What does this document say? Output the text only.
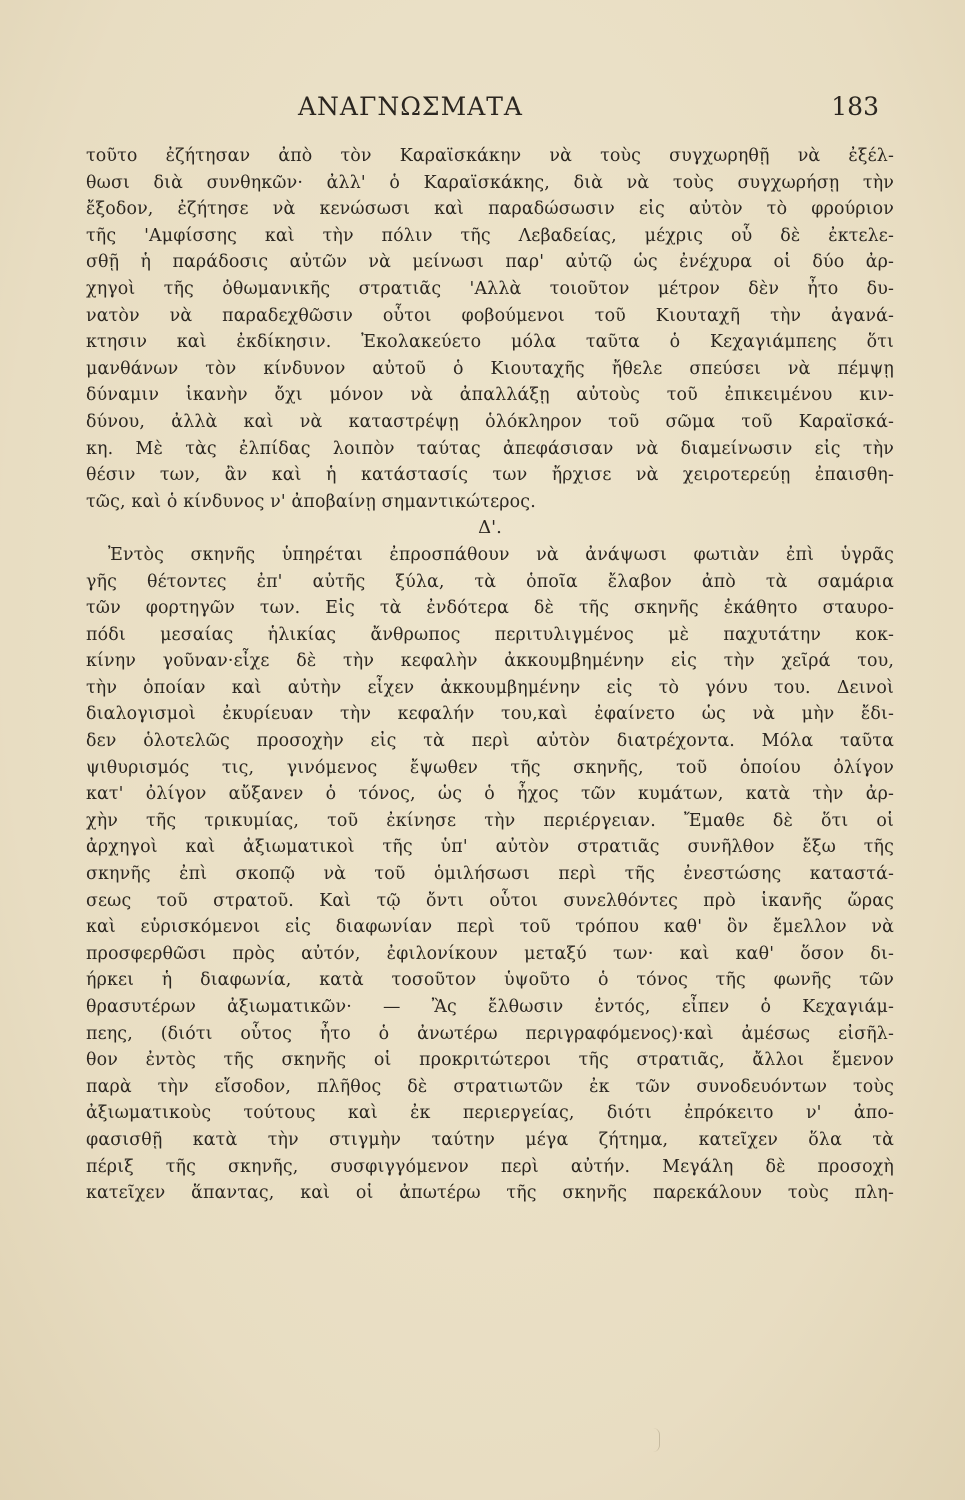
ΑΝΑΓΝΩΣΜΑΤΑ	183
τοῦτο ἐζήτησαν ἀπὸ τὸν Καραϊσκάκην νὰ τοὺς συγχωρηθῇ νὰ ἐξέλ-
θωσι διὰ συνθηκῶν· ἀλλ' ὁ Καραϊσκάκης, διὰ νὰ τοὺς συγχωρήσῃ τὴν
ἔξοδον, ἐζήτησε νὰ κενώσωσι καὶ παραδώσωσιν εἰς αὐτὸν τὸ φρούριον
τῆς 'Αμφίσσης καὶ τὴν πόλιν τῆς Λεβαδείας, μέχρις οὗ δὲ ἐκτελε-
σθῇ ἡ παράδοσις αὐτῶν νὰ μείνωσι παρ' αὐτῷ ὡς ἐνέχυρα οἱ δύο ἀρ-
χηγοὶ τῆς ὀθωμανικῆς στρατιᾶς 'Αλλὰ τοιοῦτον μέτρον δὲν ἦτο δυ-
νατὸν νὰ παραδεχθῶσιν οὗτοι φοβούμενοι τοῦ Κιουταχῆ τὴν ἀγανά-
κτησιν καὶ ἐκδίκησιν. Ἐκολακεύετο μόλα ταῦτα ὁ Κεχαγιάμπεης ὅτι
μανθάνων τὸν κίνδυνον αὐτοῦ ὁ Κιουταχῆς ἤθελε σπεύσει νὰ πέμψῃ
δύναμιν ἱκανὴν ὄχι μόνον νὰ ἀπαλλάξῃ αὐτοὺς τοῦ ἐπικειμένου κιν-
δύνου, ἀλλὰ καὶ νὰ καταστρέψῃ ὁλόκληρον τοῦ σῶμα τοῦ Καραϊσκά-
κη. Μὲ τὰς ἐλπίδας λοιπὸν ταύτας ἀπεφάσισαν νὰ διαμείνωσιν εἰς τὴν
θέσιν των, ἂν καὶ ἡ κατάστασίς των ἤρχισε νὰ χειροτερεύῃ ἐπαισθη-
τῶς, καὶ ὁ κίνδυνος ν' ἀποβαίνῃ σημαντικώτερος.
Δ'.
Ἐντὸς σκηνῆς ὑπηρέται ἐπροσπάθουν νὰ ἀνάψωσι φωτιὰν ἐπὶ ὑγρᾶς
γῆς θέτοντες ἐπ' αὐτῆς ξύλα, τὰ ὁποῖα ἔλαβον ἀπὸ τὰ σαμάρια
τῶν φορτηγῶν των. Εἰς τὰ ἐνδότερα δὲ τῆς σκηνῆς ἐκάθητο σταυρο-
πόδι μεσαίας ἡλικίας ἄνθρωπος περιτυλιγμένος μὲ παχυτάτην κοκ-
κίνην γοῦναν·εἶχε δὲ τὴν κεφαλὴν ἀκκουμβημένην εἰς τὴν χεῖρά του,
τὴν ὁποίαν καὶ αὐτὴν εἶχεν ἀκκουμβημένην εἰς τὸ γόνυ του. Δεινοὶ
διαλογισμοὶ ἐκυρίευαν τὴν κεφαλήν του,καὶ ἐφαίνετο ὡς νὰ μὴν ἔδι-
δεν ὁλοτελῶς προσοχὴν εἰς τὰ περὶ αὐτὸν διατρέχοντα. Μόλα ταῦτα
ψιθυρισμός τις, γινόμενος ἔψωθεν τῆς σκηνῆς, τοῦ ὁποίου ὀλίγον
κατ' ὀλίγον αὔξανεν ὁ τόνος, ὡς ὁ ἦχος τῶν κυμάτων, κατὰ τὴν ἀρ-
χὴν τῆς τρικυμίας, τοῦ ἐκίνησε τὴν περιέργειαν. Ἔμαθε δὲ ὅτι οἱ
ἀρχηγοὶ καὶ ἀξιωματικοὶ τῆς ὑπ' αὐτὸν στρατιᾶς συνῆλθον ἔξω τῆς
σκηνῆς ἐπὶ σκοπῷ νὰ τοῦ ὁμιλήσωσι περὶ τῆς ἐνεστώσης καταστά-
σεως τοῦ στρατοῦ. Καὶ τῷ ὄντι οὗτοι συνελθόντες πρὸ ἱκανῆς ὥρας
καὶ εὑρισκόμενοι εἰς διαφωνίαν περὶ τοῦ τρόπου καθ' ὃν ἔμελλον νὰ
προσφερθῶσι πρὸς αὐτόν, ἐφιλονίκουν μεταξύ των· καὶ καθ' ὅσον δι-
ήρκει ἡ διαφωνία, κατὰ τοσοῦτον ὑψοῦτο ὁ τόνος τῆς φωνῆς τῶν
θρασυτέρων ἀξιωματικῶν· — Ἂς ἔλθωσιν ἐντός, εἶπεν ὁ Κεχαγιάμ-
πεης, (διότι οὗτος ἦτο ὁ ἀνωτέρω περιγραφόμενος)·καὶ ἀμέσως εἰσῆλ-
θον ἐντὸς τῆς σκηνῆς οἱ προκριτώτεροι τῆς στρατιᾶς, ἄλλοι ἔμενον
παρὰ τὴν εἴσοδον, πλῆθος δὲ στρατιωτῶν ἐκ τῶν συνοδευόντων τοὺς
ἀξιωματικοὺς τούτους καὶ ἐκ περιεργείας, διότι ἐπρόκειτο ν' ἀπο-
φασισθῇ κατὰ τὴν στιγμὴν ταύτην μέγα ζήτημα, κατεῖχεν ὅλα τὰ
πέριξ τῆς σκηνῆς, συσφιγγόμενον περὶ αὐτήν. Μεγάλη δὲ προσοχὴ
κατεῖχεν ἅπαντας, καὶ οἱ ἀπωτέρω τῆς σκηνῆς παρεκάλουν τοὺς πλη-
